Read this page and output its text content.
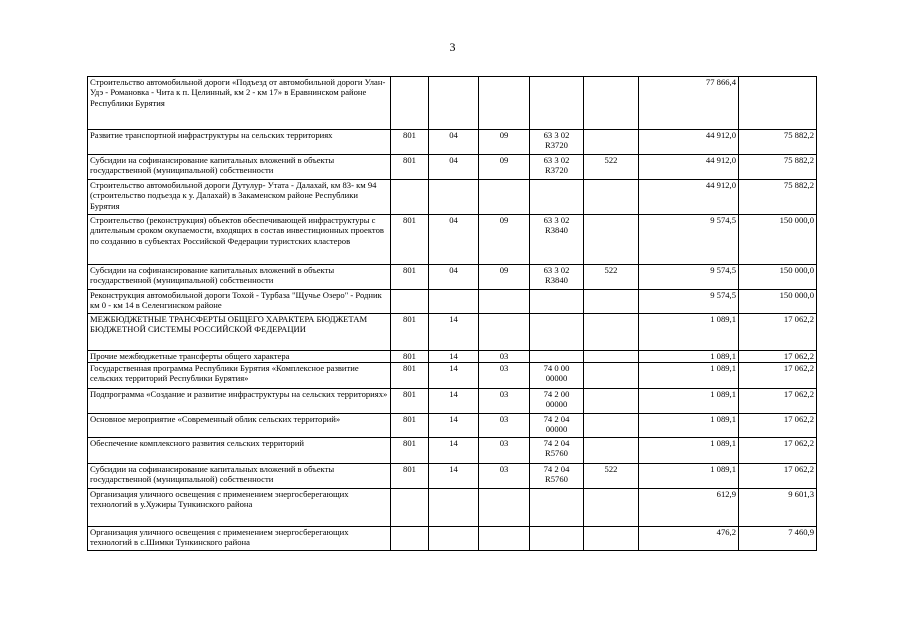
3
Строительство автомобильной дороги «Подъезд от автомобильной дороги Улан-Удэ - Романовка - Чита к п. Целинный, км 2 - км 17» в Еравнинском районе Республики Бурятия						77 866,4	
Развитие транспортной инфраструктуры на сельских территориях	801	04	09	63 3 02 R3720		44 912,0	75 882,2
Субсидии на софинансирование капитальных вложений в объекты государственной (муниципальной) собственности	801	04	09	63 3 02 R3720	522	44 912,0	75 882,2
Строительство автомобильной дороги Дутулур- Утата - Далахай, км 83- км 94 (строительство подъезда к у. Далахай) в Закаменском районе Республики Бурятия						44 912,0	75 882,2
Строительство (реконструкция) объектов обеспечивающей инфраструктуры с длительным сроком окупаемости, входящих в состав инвестиционных проектов по созданию в субъектах Российской Федерации туристских кластеров	801	04	09	63 3 02 R3840		9 574,5	150 000,0
Субсидии на софинансирование капитальных вложений в объекты государственной (муниципальной) собственности	801	04	09	63 3 02 R3840	522	9 574,5	150 000,0
Реконструкция автомобильной дороги Тохой - Турбаза "Щучье Озеро" - Родник км 0 - км 14 в Селенгинском районе						9 574,5	150 000,0
МЕЖБЮДЖЕТНЫЕ ТРАНСФЕРТЫ ОБЩЕГО ХАРАКТЕРА БЮДЖЕТАМ БЮДЖЕТНОЙ СИСТЕМЫ РОССИЙСКОЙ ФЕДЕРАЦИИ	801	14				1 089,1	17 062,2
Прочие межбюджетные трансферты общего характера	801	14	03			1 089,1	17 062,2
Государственная программа Республики Бурятия «Комплексное развитие сельских территорий Республики Бурятия»	801	14	03	74 0 00 00000		1 089,1	17 062,2
Подпрограмма «Создание и развитие инфраструктуры на сельских территориях»	801	14	03	74 2 00 00000		1 089,1	17 062,2
Основное мероприятие «Современный облик сельских территорий»	801	14	03	74 2 04 00000		1 089,1	17 062,2
Обеспечение комплексного развития сельских территорий	801	14	03	74 2 04 R5760		1 089,1	17 062,2
Субсидии на софинансирование капитальных вложений в объекты государственной (муниципальной) собственности	801	14	03	74 2 04 R5760	522	1 089,1	17 062,2
Организация уличного освещения с применением энергосберегающих технологий в у.Хужиры Тункинского района						612,9	9 601,3
Организация уличного освещения с применением энергосберегающих технологий в с.Шимки Тункинского района						476,2	7 460,9
